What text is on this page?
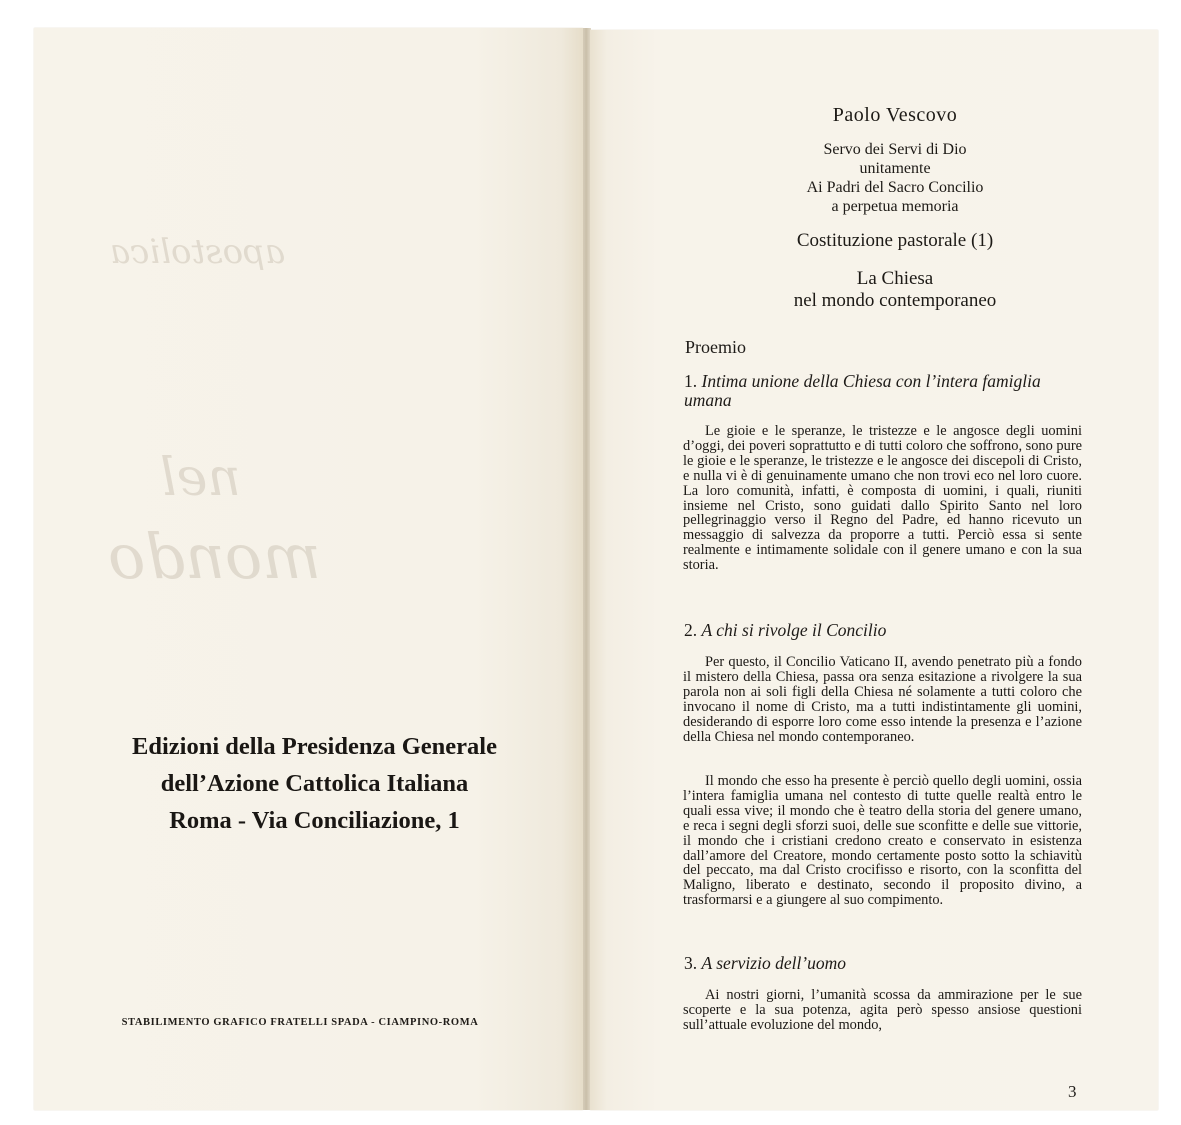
apostolica
nel
mondo
Edizioni della Presidenza Generale
dell’Azione Cattolica Italiana
Roma - Via Conciliazione, 1
STABILIMENTO GRAFICO FRATELLI SPADA - CIAMPINO-ROMA
Paolo Vescovo
Servo dei Servi di Dio
unitamente
Ai Padri del Sacro Concilio
a perpetua memoria
Costituzione pastorale (1)
La Chiesa
nel mondo contemporaneo
Proemio
1. Intima unione della Chiesa con l’intera famiglia umana

Le gioie e le speranze, le tristezze e le angosce degli uomini d’oggi, dei poveri soprattutto e di tutti coloro che soffrono, sono pure le gioie e le speranze, le tristezze e le angosce dei discepoli di Cristo, e nulla vi è di genuinamente umano che non trovi eco nel loro cuore. La loro comunità, infatti, è composta di uomini, i quali, riuniti insieme nel Cristo, sono guidati dallo Spirito Santo nel loro pellegrinaggio verso il Regno del Padre, ed hanno ricevuto un messaggio di salvezza da proporre a tutti. Perciò essa si sente realmente e intimamente solidale con il genere umano e con la sua storia.

2. A chi si rivolge il Concilio

Per questo, il Concilio Vaticano II, avendo penetrato più a fondo il mistero della Chiesa, passa ora senza esitazione a rivolgere la sua parola non ai soli figli della Chiesa né solamente a tutti coloro che invocano il nome di Cristo, ma a tutti indistintamente gli uomini, desiderando di esporre loro come esso intende la presenza e l’azione della Chiesa nel mondo contemporaneo.

Il mondo che esso ha presente è perciò quello degli uomini, ossia l’intera famiglia umana nel contesto di tutte quelle realtà entro le quali essa vive; il mondo che è teatro della storia del genere umano, e reca i segni degli sforzi suoi, delle sue sconfitte e delle sue vittorie, il mondo che i cristiani credono creato e conservato in esistenza dall’amore del Creatore, mondo certamente posto sotto la schiavitù del peccato, ma dal Cristo crocifisso e risorto, con la sconfitta del Maligno, liberato e destinato, secondo il proposito divino, a trasformarsi e a giungere al suo compimento.

3. A servizio dell’uomo

Ai nostri giorni, l’umanità scossa da ammirazione per le sue scoperte e la sua potenza, agita però spesso ansiose questioni sull’attuale evoluzione del mondo,

3
